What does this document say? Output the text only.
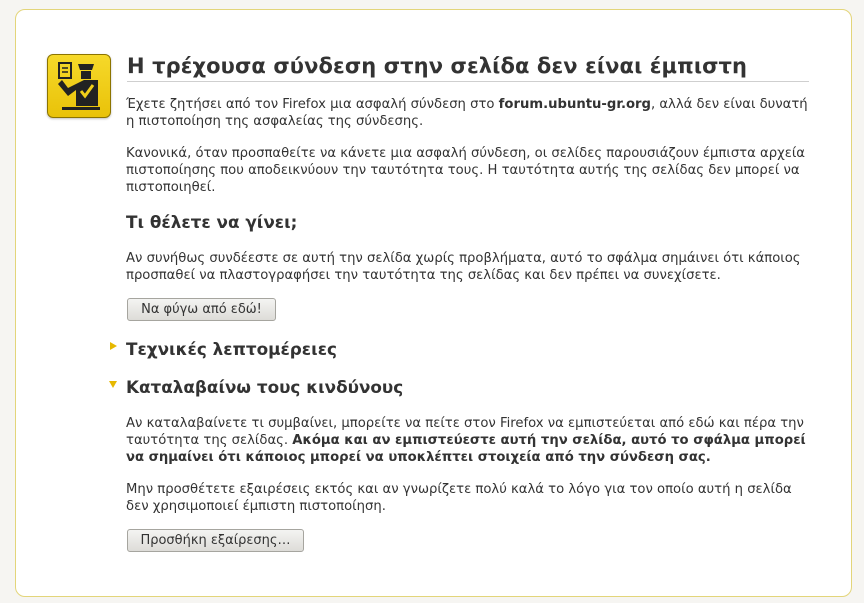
Η τρέχουσα σύνδεση στην σελίδα δεν είναι έμπιστη

Έχετε ζητήσει από τον Firefox μια ασφαλή σύνδεση στο forum.ubuntu-gr.org, αλλά δεν είναι δυνατή η πιστοποίηση της ασφαλείας της σύνδεσης.

Κανονικά, όταν προσπαθείτε να κάνετε μια ασφαλή σύνδεση, οι σελίδες παρουσιάζουν έμπιστα αρχεία πιστοποίησης που αποδεικνύουν την ταυτότητα τους. Η ταυτότητα αυτής της σελίδας δεν μπορεί να πιστοποιηθεί.

Τι θέλετε να γίνει;

Αν συνήθως συνδέεστε σε αυτή την σελίδα χωρίς προβλήματα, αυτό το σφάλμα σημάινει ότι κάποιος προσπαθεί να πλαστογραφήσει την ταυτότητα της σελίδας και δεν πρέπει να συνεχίσετε.

Να φύγω από εδώ!
Τεχνικές λεπτομέρειες
Καταλαβαίνω τους κινδύνους

Αν καταλαβαίνετε τι συμβαίνει, μπορείτε να πείτε στον Firefox να εμπιστεύεται από εδώ και πέρα την ταυτότητα της σελίδας. Ακόμα και αν εμπιστεύεστε αυτή την σελίδα, αυτό το σφάλμα μπορεί να σημαίνει ότι κάποιος μπορεί να υποκλέπτει στοιχεία από την σύνδεση σας.

Μην προσθέτετε εξαιρέσεις εκτός και αν γνωρίζετε πολύ καλά το λόγο για τον οποίο αυτή η σελίδα δεν χρησιμοποιεί έμπιστη πιστοποίηση.

Προσθήκη εξαίρεσης…
